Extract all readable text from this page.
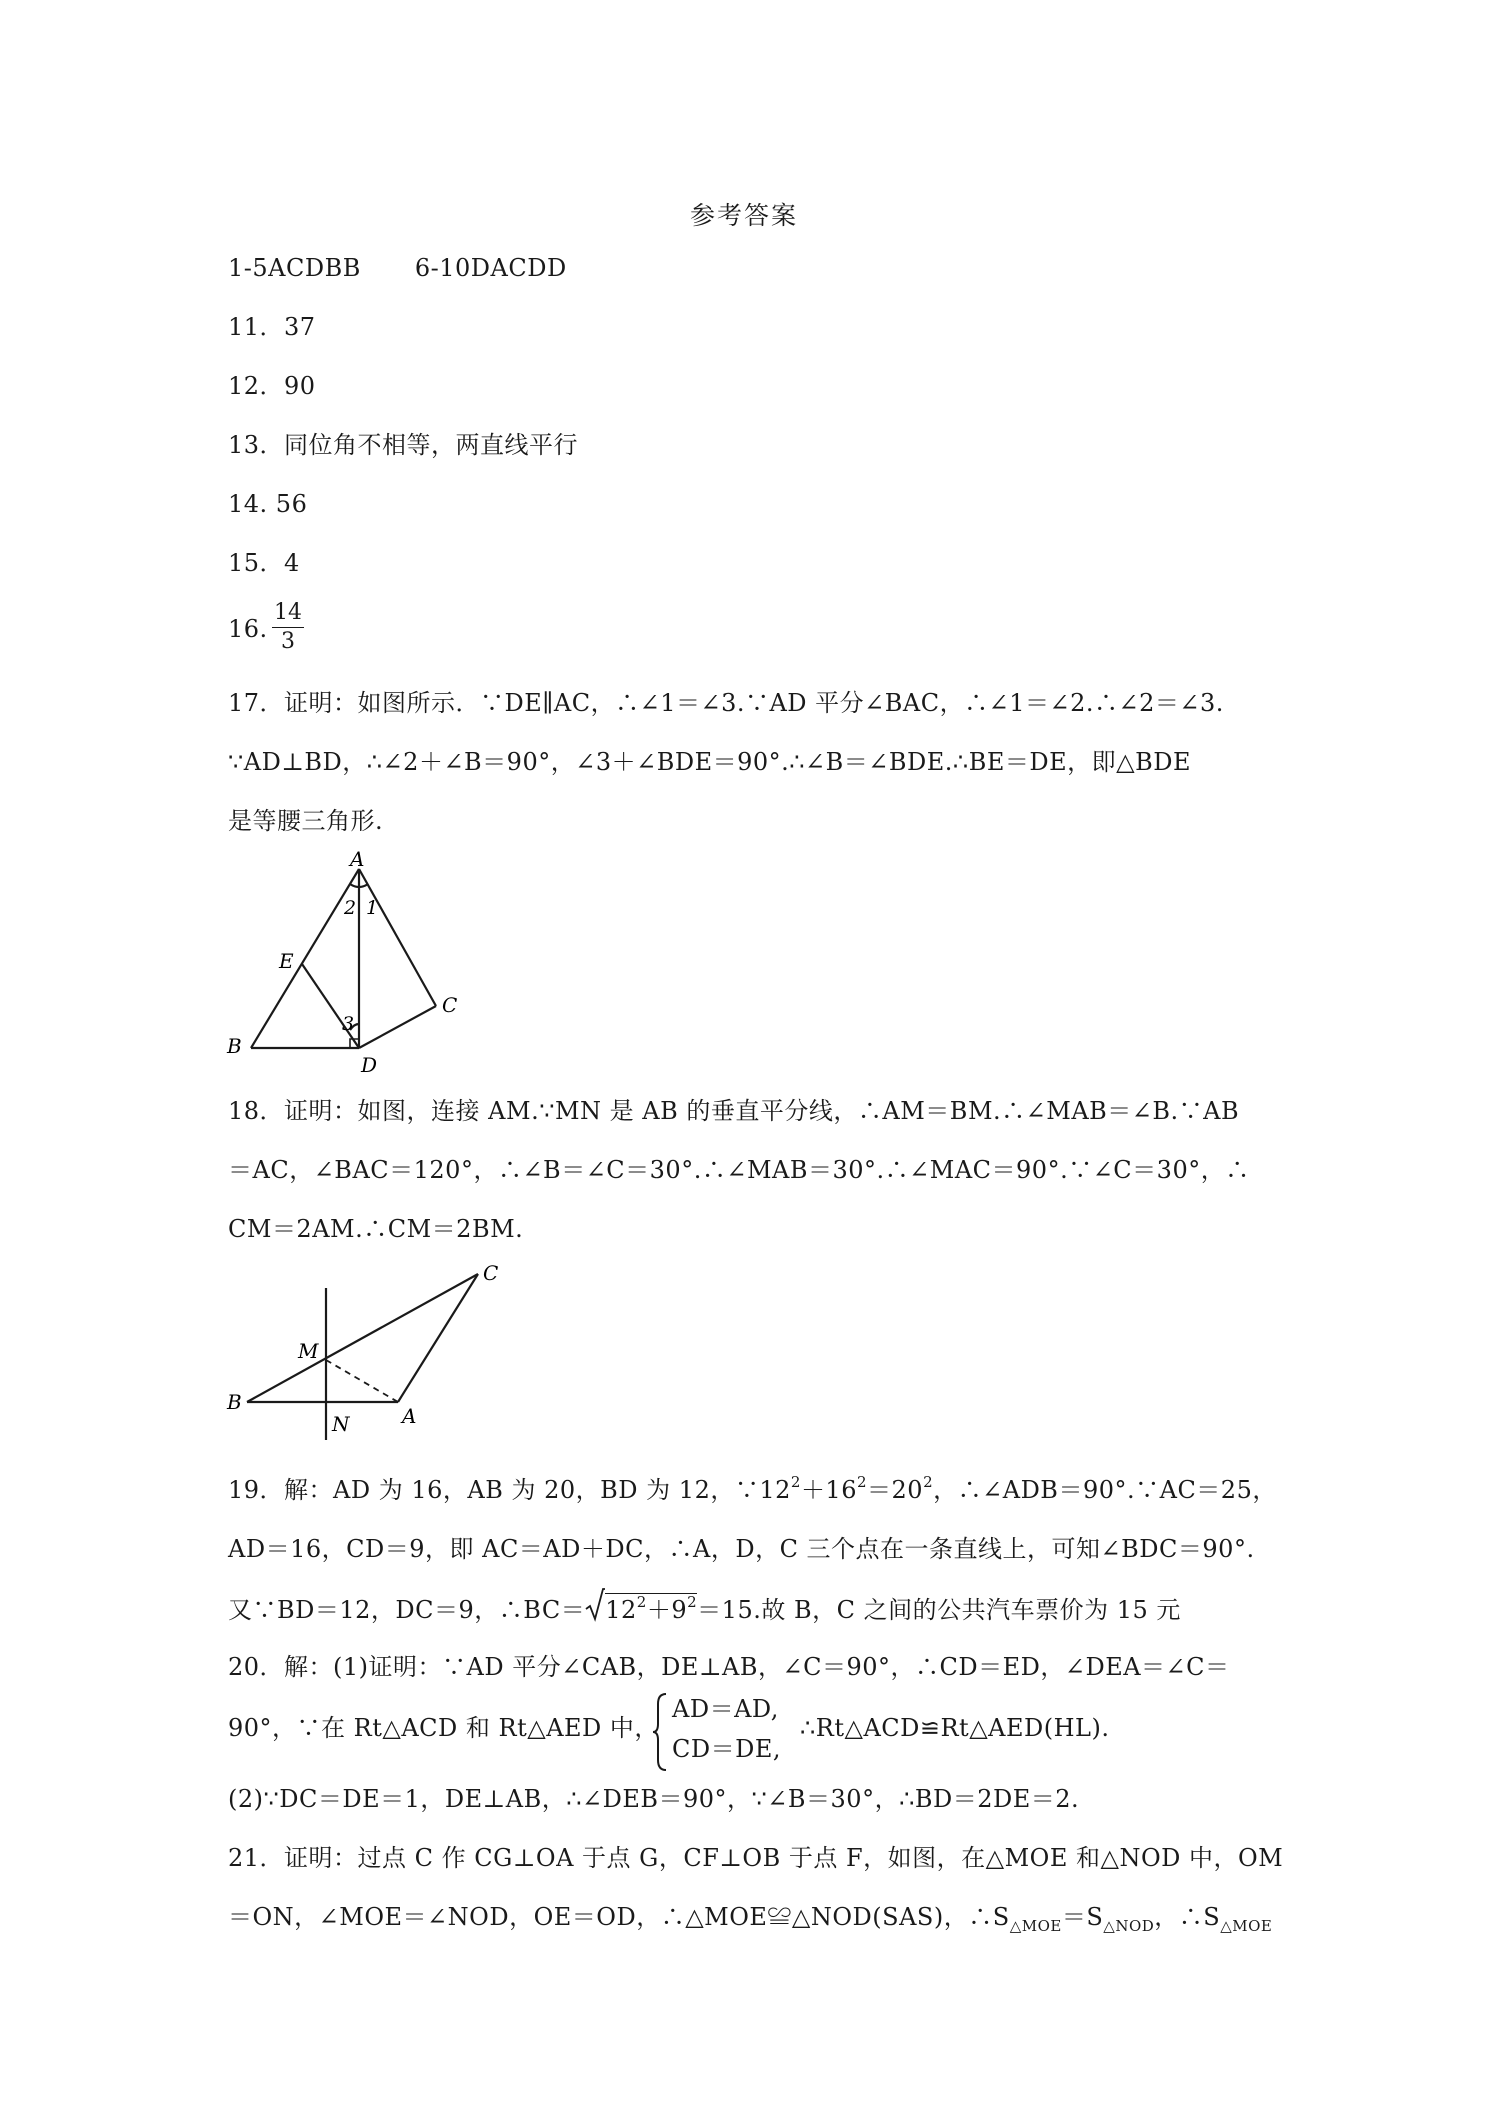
参考答案
1-5ACDBB 6-10DACDD
11．37
12．90
13．同位角不相等，两直线平行
14. 56
15．4
16.
14
3
17．证明：如图所示．∵DE∥AC，∴∠1＝∠3.∵AD 平分∠BAC，∴∠1＝∠2.∴∠2＝∠3.
∵AD⊥BD，∴∠2＋∠B＝90°，∠3＋∠BDE＝90°.∴∠B＝∠BDE.∴BE＝DE，即△BDE
是等腰三角形.
A
2 1
E
3
C
B
D
18．证明：如图，连接 AM.∵MN 是 AB 的垂直平分线，∴AM＝BM.∴∠MAB＝∠B.∵AB
＝AC，∠BAC＝120°，∴∠B＝∠C＝30°.∴∠MAB＝30°.∴∠MAC＝90°.∵∠C＝30°，∴
CM＝2AM.∴CM＝2BM.
C
M
B
N	A
19．解：AD 为 16，AB 为 20，BD 为 12，$\because 12^2+16^2=20^2$，∴∠ADB＝90°.∵AC＝25，
AD＝16，CD＝9，即 AC＝AD＋DC，∴A，D，C 三个点在一条直线上，可知∠BDC＝90°.
又∵BD＝12，DC＝9，∴BC＝ $12^2+9^2=15$.故 B，C 之间的公共汽车票价为 15 元
20．解：(1)证明：∵AD 平分∠CAB，DE⊥AB，∠C＝90°，∴CD＝ED，∠DEA＝∠C＝
90°，∵在 Rt△ACD 和 Rt△AED 中，
AD＝AD,
CD＝DE,
∴Rt△ACD≌Rt△AED(HL).
(2)∵DC＝DE＝1，DE⊥AB，∴∠DEB＝90°，∵∠B＝30°，∴BD＝2DE＝2.
21．证明：过点 C 作 CG⊥OA 于点 G，CF⊥OB 于点 F，如图，在△MOE 和△NOD 中，OM
＝ON，∠MOE＝∠NOD，OE＝OD，∴△MOE≌△NOD(SAS)，$\therefore S_{\triangle MOE}=S_{\triangle NOD}$，$\therefore S_{\triangle MOE}$
